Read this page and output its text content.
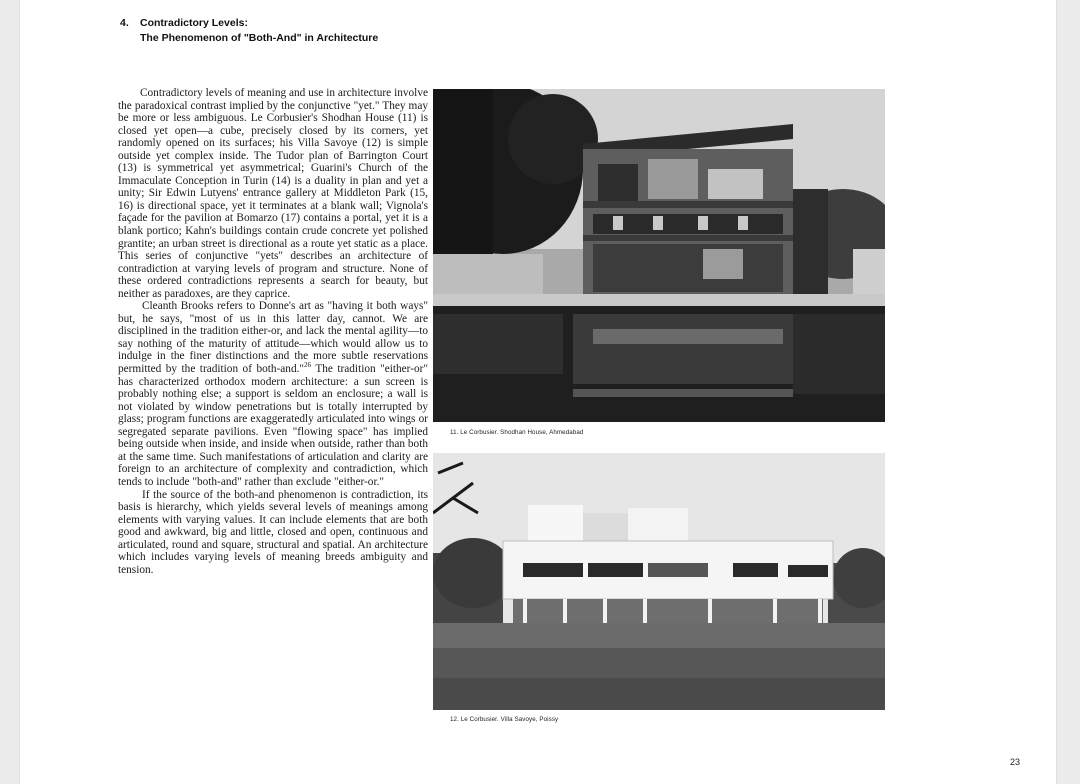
4. Contradictory Levels:
The Phenomenon of "Both-And" in Architecture

Contradictory levels of meaning and use in architecture involve the paradoxical contrast implied by the conjunctive "yet." They may be more or less ambiguous. Le Corbusier's Shodhan House (11) is closed yet open—a cube, precisely closed by its corners, yet randomly opened on its surfaces; his Villa Savoye (12) is simple outside yet complex inside. The Tudor plan of Barrington Court (13) is symmetrical yet asymmetrical; Guarini's Church of the Immaculate Conception in Turin (14) is a duality in plan and yet a unity; Sir Edwin Lutyens' entrance gallery at Middleton Park (15, 16) is directional space, yet it terminates at a blank wall; Vignola's façade for the pavilion at Bomarzo (17) contains a portal, yet it is a blank portico; Kahn's buildings contain crude concrete yet polished grantite; an urban street is directional as a route yet static as a place. This series of conjunctive "yets" describes an architecture of contradiction at varying levels of program and structure. None of these ordered contradictions represents a search for beauty, but neither as paradoxes, are they caprice.

Cleanth Brooks refers to Donne's art as "having it both ways" but, he says, "most of us in this latter day, cannot. We are disciplined in the tradition either-or, and lack the mental agility—to say nothing of the maturity of attitude—which would allow us to indulge in the finer distinctions and the more subtle reservations permitted by the tradition of both-and."$^{26}$ The tradition "either-or" has characterized orthodox modern architecture: a sun screen is probably nothing else; a support is seldom an enclosure; a wall is not violated by window penetrations but is totally interrupted by glass; program functions are exaggeratedly articulated into wings or segregated separate pavilions. Even "flowing space" has implied being outside when inside, and inside when outside, rather than both at the same time. Such manifestations of articulation and clarity are foreign to an architecture of complexity and contradiction, which tends to include "both-and" rather than exclude "either-or."

If the source of the both-and phenomenon is contradiction, its basis is hierarchy, which yields several levels of meanings among elements with varying values. It can include elements that are both good and awkward, big and little, closed and open, continuous and articulated, round and square, structural and spatial. An architecture which includes varying levels of meaning breeds ambiguity and tension.

11. Le Corbusier. Shodhan House, Ahmedabad
12. Le Corbusier. Villa Savoye, Poissy
23
